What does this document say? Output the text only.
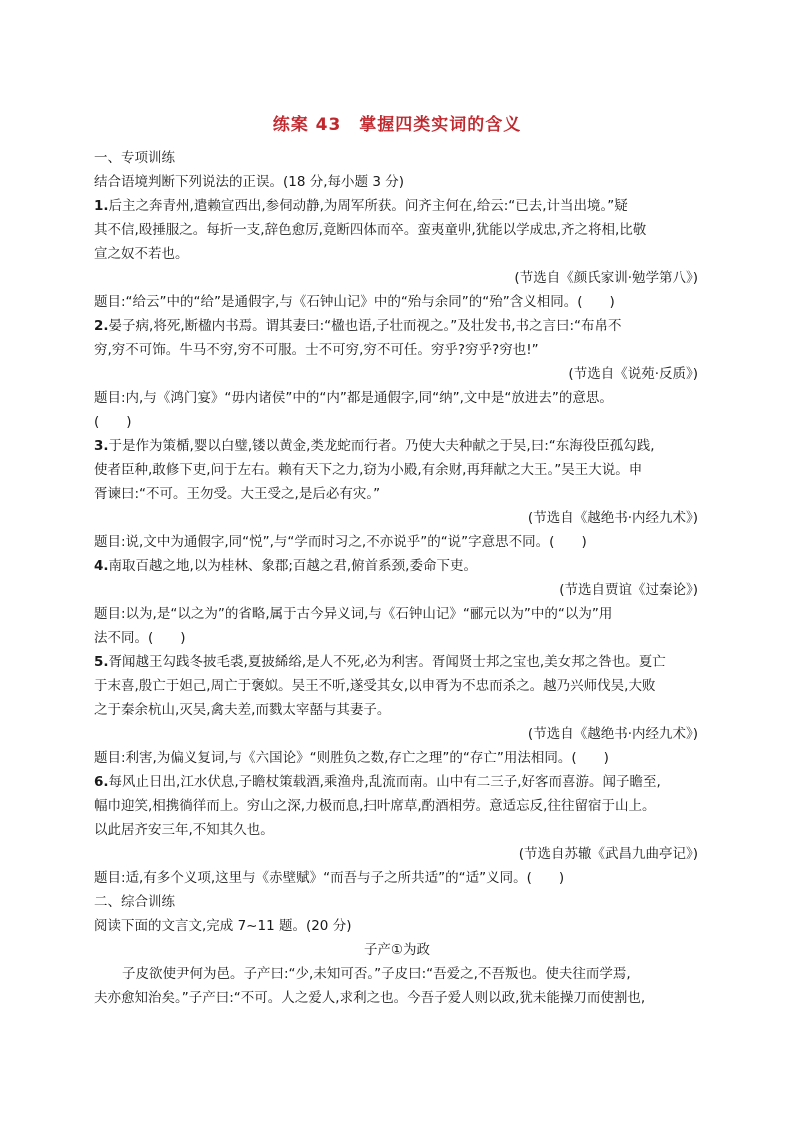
练案 43　掌握四类实词的含义
一、专项训练
结合语境判断下列说法的正误。(18 分,每小题 3 分)
1.后主之奔青州,遣赖宣西出,参伺动静,为周军所获。问齐主何在,给云:“已去,计当出境。”疑
其不信,殴捶服之。每折一支,辞色愈厉,竟断四体而卒。蛮夷童丱,犹能以学成忠,齐之将相,比敬
宣之奴不若也。
(节选自《颜氏家训·勉学第八》)
题目:“给云”中的“给”是通假字,与《石钟山记》中的“殆与余同”的“殆”含义相同。(　　)
2.晏子病,将死,断楹内书焉。谓其妻曰:“楹也语,子壮而视之。”及壮发书,书之言曰:“布帛不
穷,穷不可饰。牛马不穷,穷不可服。士不可穷,穷不可任。穷乎?穷乎?穷也!”
(节选自《说苑·反质》)
题目:内,与《鸿门宴》“毋内诸侯”中的“内”都是通假字,同“纳”,文中是“放进去”的意思。
(　　)
3.于是作为策楯,婴以白璧,镂以黄金,类龙蛇而行者。乃使大夫种献之于吴,曰:“东海役臣孤勾践,
使者臣种,敢修下吏,问于左右。赖有天下之力,窃为小殿,有余财,再拜献之大王。”吴王大说。申
胥谏曰:“不可。王勿受。大王受之,是后必有灾。”
(节选自《越绝书·内经九术》)
题目:说,文中为通假字,同“悦”,与“学而时习之,不亦说乎”的“说”字意思不同。(　　)
4.南取百越之地,以为桂林、象郡;百越之君,俯首系颈,委命下吏。
(节选自贾谊《过秦论》)
题目:以为,是“以之为”的省略,属于古今异义词,与《石钟山记》“郦元以为”中的“以为”用
法不同。(　　)
5.胥闻越王勾践冬披毛裘,夏披絺绤,是人不死,必为利害。胥闻贤士邦之宝也,美女邦之咎也。夏亡
于末喜,殷亡于妲己,周亡于褒姒。吴王不听,遂受其女,以申胥为不忠而杀之。越乃兴师伐吴,大败
之于秦余杭山,灭吴,禽夫差,而戮太宰嚭与其妻子。
(节选自《越绝书·内经九术》)
题目:利害,为偏义复词,与《六国论》“则胜负之数,存亡之理”的“存亡”用法相同。(　　)
6.每风止日出,江水伏息,子瞻杖策载酒,乘渔舟,乱流而南。山中有二三子,好客而喜游。闻子瞻至,
幅巾迎笑,相携徜徉而上。穷山之深,力极而息,扫叶席草,酌酒相劳。意适忘反,往往留宿于山上。
以此居齐安三年,不知其久也。
(节选自苏辙《武昌九曲亭记》)
题目:适,有多个义项,这里与《赤壁赋》“而吾与子之所共适”的“适”义同。(　　)
二、综合训练
阅读下面的文言文,完成 7~11 题。(20 分)
子产①为政
子皮欲使尹何为邑。子产曰:“少,未知可否。”子皮曰:“吾爱之,不吾叛也。使夫往而学焉,
夫亦愈知治矣。”子产曰:“不可。人之爱人,求利之也。今吾子爱人则以政,犹未能操刀而使割也,
